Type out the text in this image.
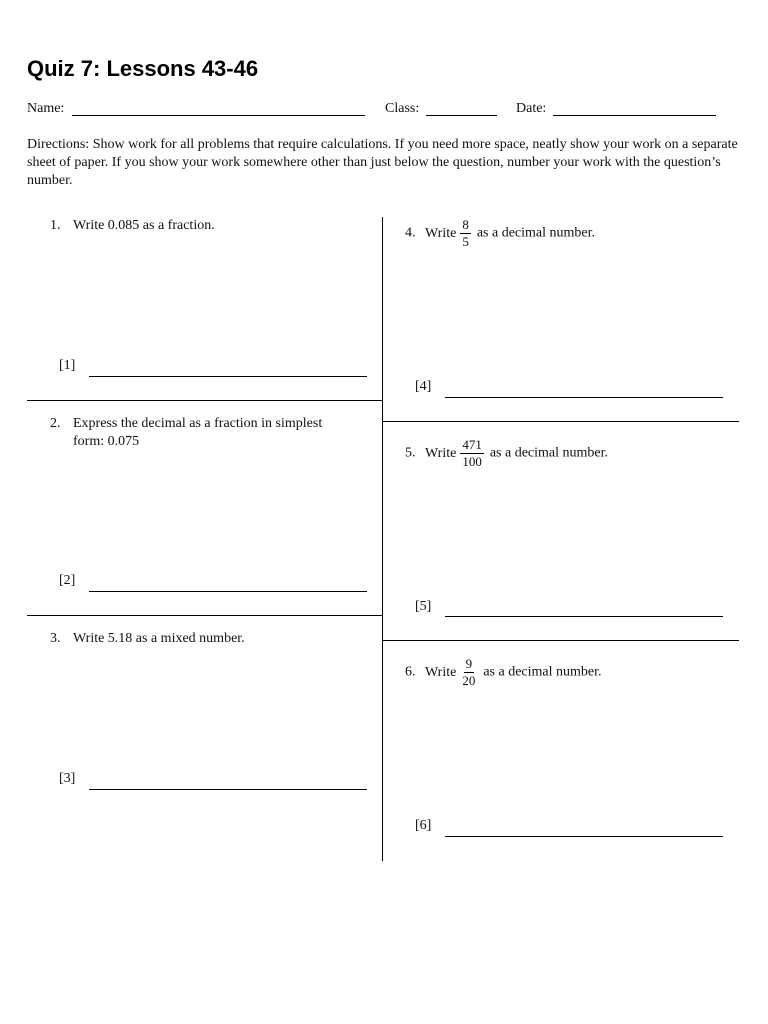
Quiz 7: Lessons 43-46
Name:	Class:	Date:

Directions: Show work for all problems that require calculations. If you need more space, neatly show your work on a separate sheet of paper. If you show your work somewhere other than just below the question, number your work with the question’s number.

1. Write 0.085 as a fraction.
[1]
2. Express the decimal as a fraction in simplest
form: 0.075
[2]
3. Write 5.18 as a mixed number.
[3]
4. Write $\frac{8}{5}$ as a decimal number.
[4]
5. Write $\frac{471}{100}$ as a decimal number.
[5]
6. Write $\frac{9}{20}$ as a decimal number.
[6]
